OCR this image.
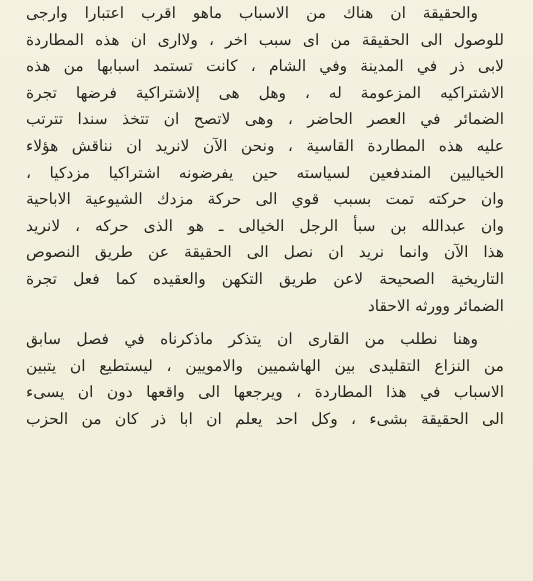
والحقيقة ان هناك من الاسباب ماهو اقرب اعتبارا وارجى
للوصول الى الحقيقة من اى سبب اخر ، ولاارى ان هذه المطاردة
لابى ذر في المدينة وفي الشام ، كانت تستمد اسبابها من هذه
الاشتراكيه المزعومة له ، وهل هى إلاشتراكية فرضها تجرة
الضمائر في العصر الحاضر ، وهى لاتصح ان تتخذ سندا تترتب
عليه هذه المطاردة القاسية ، ونحن الآن لانريد ان نناقش هؤلاء
الخياليين المندفعين لسياسته حين يفرضونه اشتراكيا مزدكيا ،
وان حركته تمت بسبب قوي الى حركة مزدك الشيوعية الاباحية
وان عبدالله بن سبأ الرجل الخيالى ـ هو الذى حركه ، لانريد
هذا الآن وانما نريد ان نصل الى الحقيقة عن طريق النصوص
التاريخية الصحيحة لاعن طريق التكهن والعقيده كما فعل تجرة
الضمائر وورثه الاحقاد
وهنا نطلب من القارى ان يتذكر ماذكرناه في فصل سابق
من النزاع التقليدى بين الهاشميين والامويين ، ليستطيع ان يتبين
الاسباب في هذا المطاردة ، ويرجعها الى واقعها دون ان يسىء
الى الحقيقة بشىء ، وكل احد يعلم ان ابا ذر كان من الحزب
